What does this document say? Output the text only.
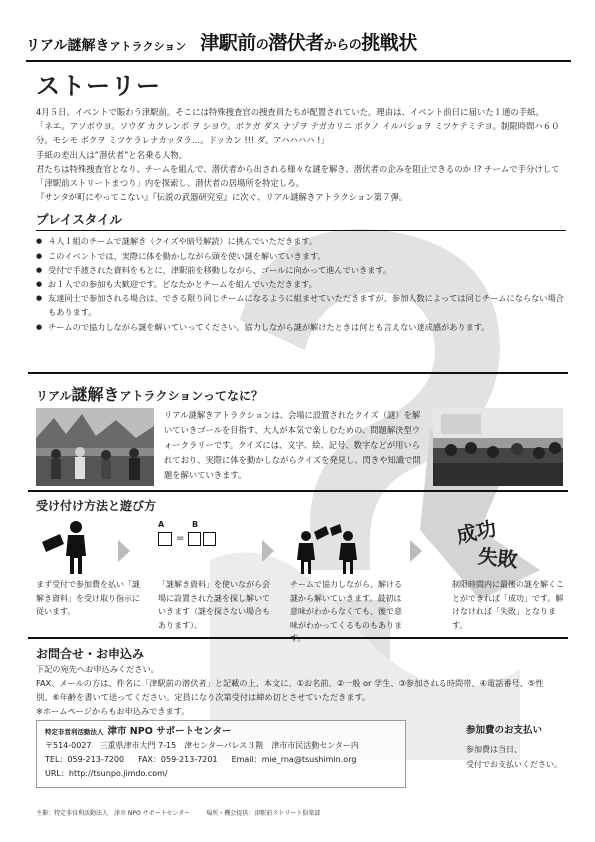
リアル謎解きアトラクション 津駅前の潜伏者からの挑戦状
ストーリー

4月５日。イベントで賑わう津駅前。そこには特殊捜査官の捜査員たちが配置されていた。理由は、イベント前日に届いた１通の手紙。

「ネエ。アソボウヨ。ソウダ カクレンボ ヲ シヨウ。ボクガ ダス ナゾヲ テガカリニ ボクノ イルバショヲ ミツケテミテヨ。制限時間ハ６０分。モシモ ボクヲ ミツケラレナカッタラ…。ドッカン !!! ダ。アハハハハ !」

手紙の差出人は”潜伏者”と名乗る人物。

君たちは特殊捜査官となり、チームを組んで、潜伏者から出される様々な謎を解き、潜伏者の企みを阻止できるのか !? チームで手分けして「津駅前ストリートまつり」内を探索し、潜伏者の居場所を特定しろ。

『サンタが町にやってこない』『伝説の武器研究室』に次ぐ、リアル謎解きアトラクション第７弾。

プレイスタイル
● ４人１組のチームで謎解き（クイズや暗号解読）に挑んでいただきます。
● このイベントでは、実際に体を動かしながら頭を使い謎を解いていきます。
● 受付で手渡された資料をもとに、津駅前を移動しながら、ゴールに向かって進んでいきます。
● お１人での参加も大歓迎です。どなたかとチームを組んでいただきます。
● 友達同士で参加される場合は、できる限り同じチームになるように組ませていただきますが、参加人数によっては同じチームにならない場合もあります。
● チームので協力しながら謎を解いていってください。協力しながら謎が解けたときは何とも言えない達成感があります。
リアル謎解きアトラクションってなに？
リアル謎解きアトラクションは、会場に設置されたクイズ（謎）を解いていきゴールを目指す、大人が本気で楽しむための、問題解決型ウォークラリーです。クイズには、文字、絵、記号、数字などが用いられており、実際に体を動かしながらクイズを発見し、閃きや知識で問題を解いていきます。
受け付け方法と遊び方
A	B
=	成功
失敗
まず受付で参加費を払い「謎解き資料」を受け取り指示に従います。
「謎解き資料」を使いながら会場に設置された謎を探し解いていきます（謎を探さない場合もあります）。
チームで協力しながら、解ける謎から解いていきます。最初は意味がわからなくても、後で意味がわかってくるものもあります。
制限時間内に最後の謎を解くことができれば「成功」です。解けなければ「失敗」となります。
お問合せ・お申込み
下記の宛先へお申込みください。
FAX、メールの方は、件名に「津駅前の潜伏者」と記載の上、本文に、①お名前、②一般 or 学生、③参加される時間帯、④電話番号、⑤性別、⑥年齢を書いて送ってください。定員になり次第受付は締め切とさせていただきます。
※ホームページからもお申込みできます。
特定非営利活動法人 津市 NPO サポートセンター
〒514-0027　三重県津市大門 7-15　津センターパレス３階　津市市民活動センター内
TEL：059-213-7200 FAX：059-213-7201 Email：mie_rna@tsushimin.org
URL：http://tsunpo.jimdo.com/
参加費のお支払い
参加費は当日、
受付でお支払いください。
主催：特定非営利活動法人　津市 NPO サポートセンター	場所・機会提供：津駅前ストリート倶楽部
